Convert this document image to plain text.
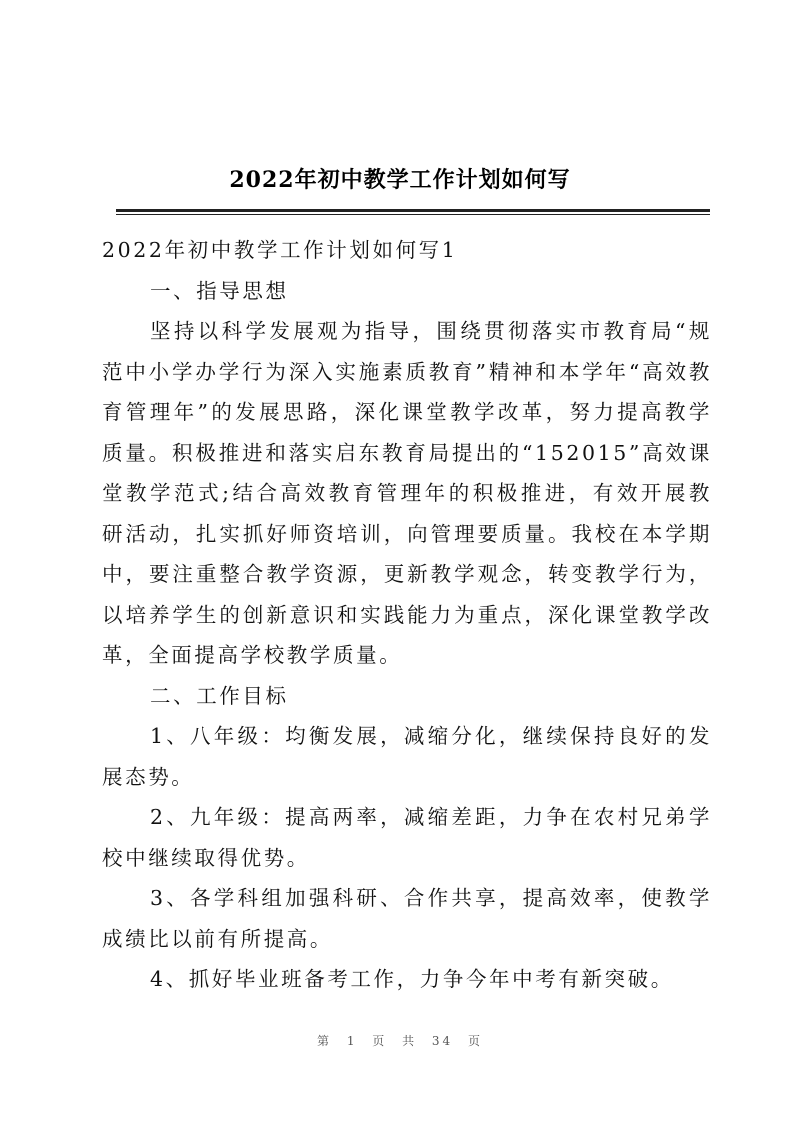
2022年初中教学工作计划如何写

2022年初中教学工作计划如何写1

一、指导思想

坚持以科学发展观为指导，围绕贯彻落实市教育局“规范中小学办学行为深入实施素质教育”精神和本学年“高效教育管理年”的发展思路，深化课堂教学改革，努力提高教学质量。积极推进和落实启东教育局提出的“152015”高效课堂教学范式;结合高效教育管理年的积极推进，有效开展教研活动，扎实抓好师资培训，向管理要质量。我校在本学期中，要注重整合教学资源，更新教学观念，转变教学行为，以培养学生的创新意识和实践能力为重点，深化课堂教学改革，全面提高学校教学质量。

二、工作目标

1、八年级：均衡发展，减缩分化，继续保持良好的发展态势。

2、九年级：提高两率，减缩差距，力争在农村兄弟学校中继续取得优势。

3、各学科组加强科研、合作共享，提高效率，使教学成绩比以前有所提高。

4、抓好毕业班备考工作，力争今年中考有新突破。

第 1 页 共 34 页
